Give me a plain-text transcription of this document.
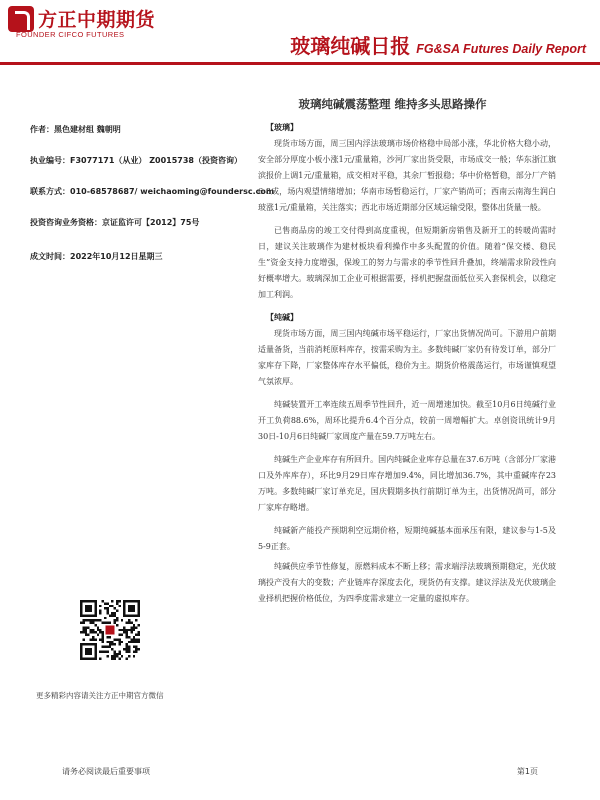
方正中期期货
FOUNDER CIFCO FUTURES	玻璃纯碱日报 FG&SA Futures Daily Report
玻璃纯碱震荡整理 维持多头思路操作
作者：黑色建材组 魏朝明
执业编号：F3077171（从业） Z0015738（投资咨询）
联系方式：010-68578687/ weichaoming@foundersc.com
投资咨询业务资格：京证监许可【2012】75号
成文时间：2022年10月12日星期三
更多精彩内容请关注方正中期官方微信
【玻璃】

现货市场方面，周三国内浮法玻璃市场价格稳中局部小涨，华北价格大稳小动，安全部分厚度小板小涨1元/重量箱，沙河厂家出货受限，市场成交一般；华东浙江旗滨报价上调1元/重量箱，成交相对平稳，其余厂暂报稳；华中价格暂稳，部分厂产销6-8成，场内观望情绪增加；华南市场暂稳运行，厂家产销尚可；西南云南海生润白玻涨1元/重量箱，关注落实；西北市场近期部分区域运输受限，整体出货量一般。

已售商品房的竣工交付得到高度重视，但短期新房销售及新开工的转暖尚需时日，建议关注玻璃作为建材板块看利操作中多头配置的价值。随着“保交楼、稳民生”资金支持力度增强，保竣工的努力与需求的季节性回升叠加，终端需求阶段性向好概率增大。玻璃深加工企业可根据需要，择机把握盘面低位买入套保机会，以稳定加工利润。

【纯碱】

现货市场方面，周三国内纯碱市场平稳运行，厂家出货情况尚可。下游用户前期适量备货，当前消耗原料库存，按需采购为主。多数纯碱厂家仍有待发订单，部分厂家库存下降，厂家整体库存水平偏低，稳价为主。期货价格震荡运行，市场谨慎观望气氛浓厚。

纯碱装置开工率连续五周季节性回升，近一周增速加快。截至10月6日纯碱行业开工负荷88.6%，周环比提升6.4个百分点，较前一周增幅扩大。卓创资讯统计9月30日-10月6日纯碱厂家周度产量在59.7万吨左右。

纯碱生产企业库存有所回升。国内纯碱企业库存总量在37.6万吨（含部分厂家港口及外库库存），环比9月29日库存增加9.4%，同比增加36.7%，其中重碱库存23万吨。多数纯碱厂家订单充足，国庆假期多执行前期订单为主，出货情况尚可，部分厂家库存略增。

纯碱新产能投产预期利空远期价格，短期纯碱基本面承压有限，建议参与1-5及5-9正套。

纯碱供应季节性修复，原燃料成本不断上移；需求端浮法玻璃预期稳定，光伏玻璃投产没有大的变数；产业链库存深度去化，现货仍有支撑。建议浮法及光伏玻璃企业择机把握价格低位，为四季度需求建立一定量的虚拟库存。

请务必阅读最后重要事项	第1页
